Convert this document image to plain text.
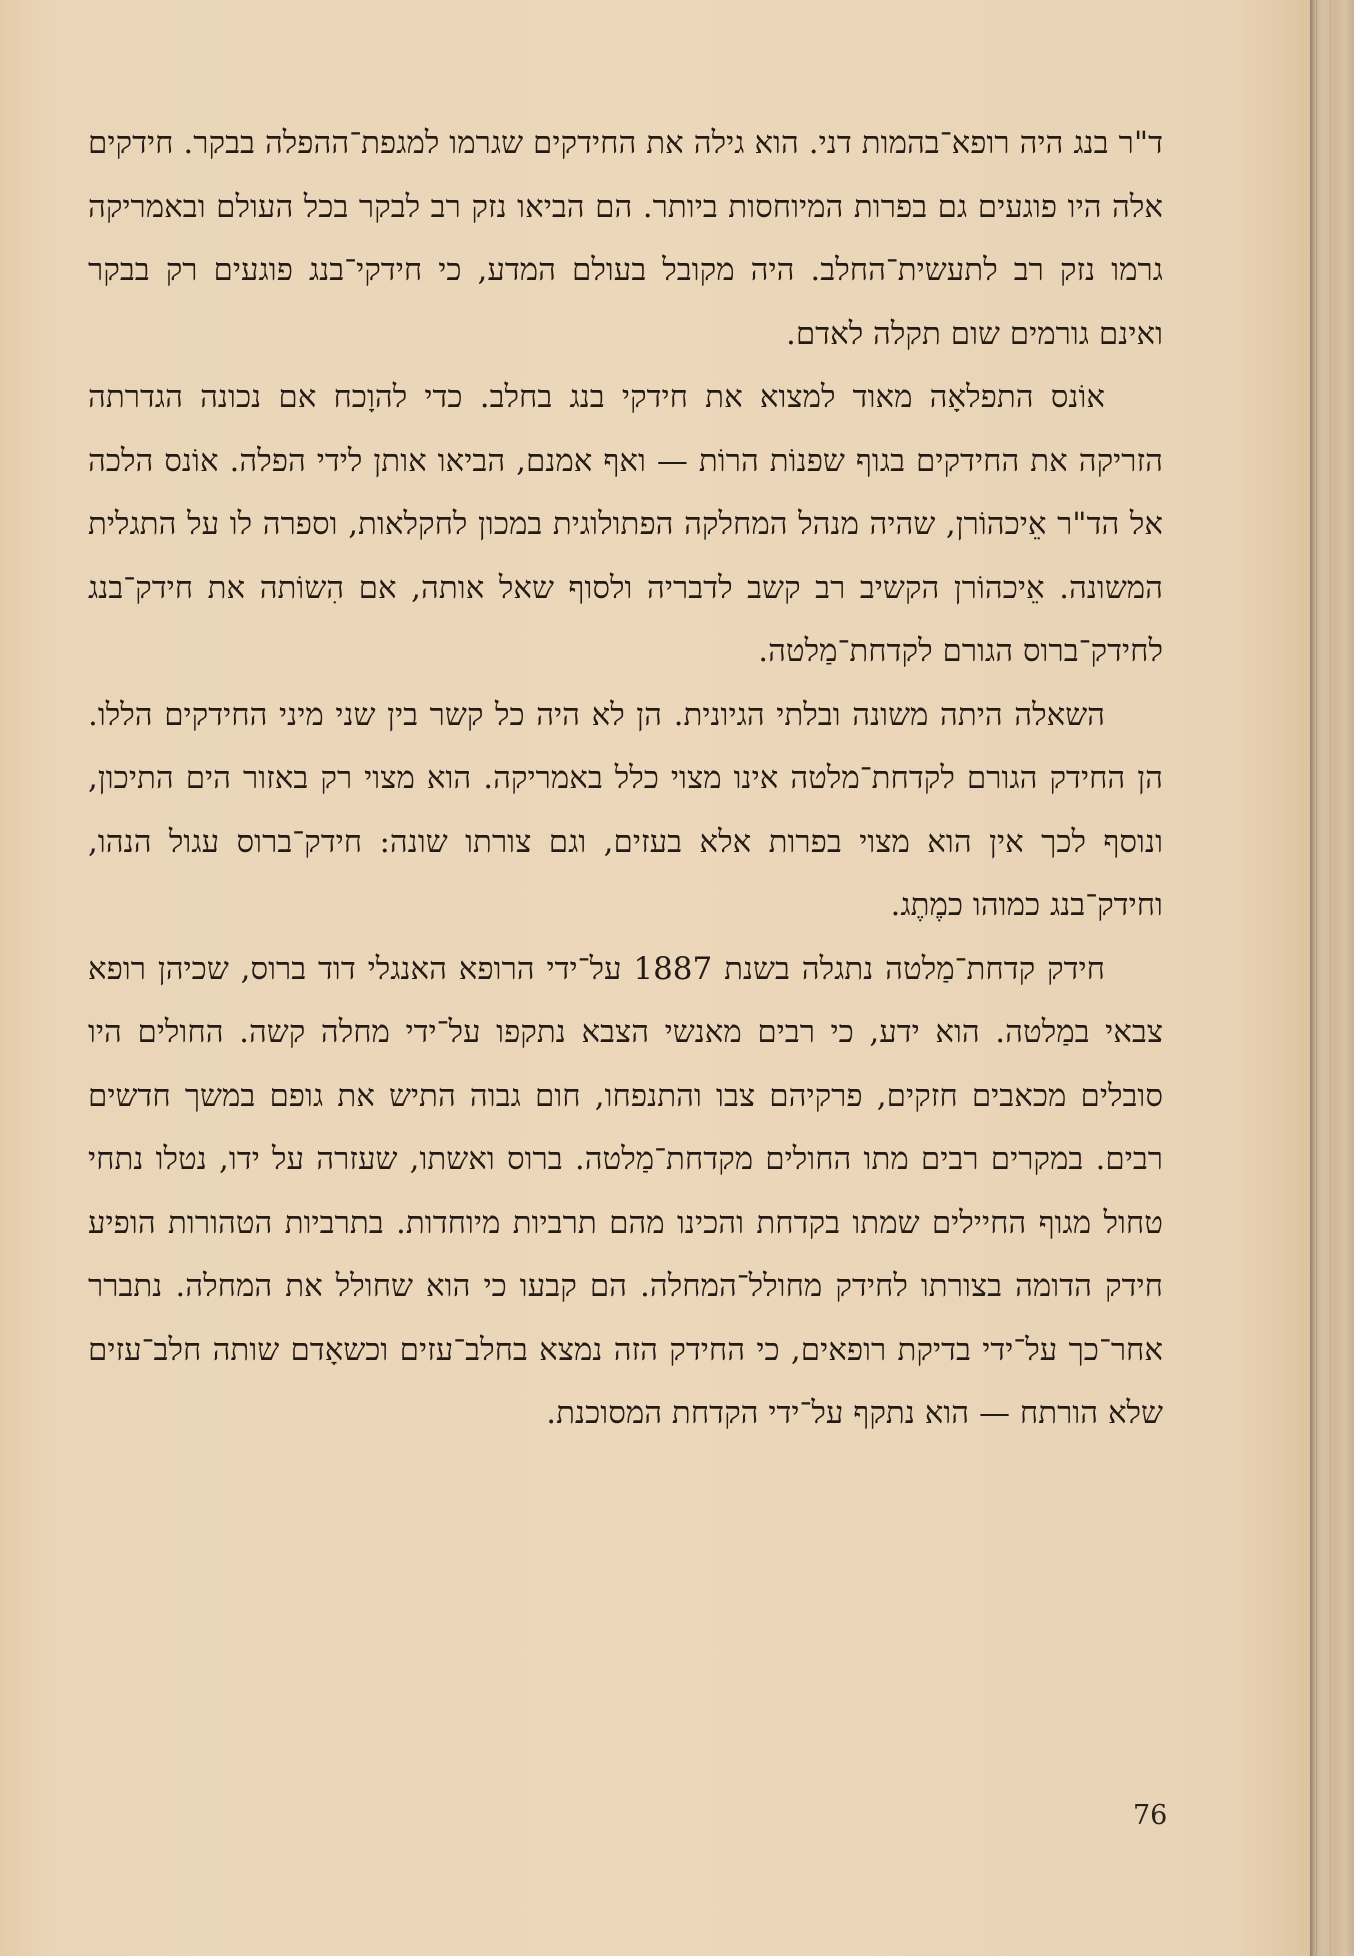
ד"ר בנג היה רופא־בהמות דני. הוא גילה את החידקים שגרמו למגפת־ההפלה בבקר. חידקים אלה היו פוגעים גם בפרות המיוחסות ביותר. הם הביאו נזק רב לבקר בכל העולם ובאמריקה גרמו נזק רב לתעשית־החלב. היה מקובל בעולם המדע, כי חידקי־בנג פוגעים רק בבקר ואינם גורמים שום תקלה לאדם.

אוֹנס התפלאָה מאוד למצוא את חידקי בנג בחלב. כדי להוָכח אם נכונה הגדרתה הזריקה את החידקים בגוף שפנוֹת הרוֹת — ואף אמנם, הביאו אותן לידי הפלה. אוֹנס הלכה אל הד"ר אֵיכהוֹרן, שהיה מנהל המחלקה הפתולוגית במכון לחקלאות, וספרה לו על התגלית המשונה. אֵיכהוֹרן הקשיב רב קשב לדבריה ולסוף שאל אותה, אם הִשוֹתה את חידק־בנג לחידק־ברוס הגורם לקדחת־מַלטה.

השאלה היתה משונה ובלתי הגיונית. הן לא היה כל קשר בין שני מיני החידקים הללו. הן החידק הגורם לקדחת־מלטה אינו מצוי כלל באמריקה. הוא מצוי רק באזור הים התיכון, ונוסף לכך אין הוא מצוי בפרות אלא בעזים, וגם צורתו שונה: חידק־ברוס עגול הנהו, וחידק־בנג כמוהו כמֶתֶג.

חידק קדחת־מַלטה נתגלה בשנת 1887 על־ידי הרופא האנגלי דוד ברוס, שכיהן רופא צבאי במַלטה. הוא ידע, כי רבים מאנשי הצבא נתקפו על־ידי מחלה קשה. החולים היו סובלים מכאבים חזקים, פרקיהם צבו והתנפחו, חום גבוה התיש את גופם במשך חדשים רבים. במקרים רבים מתו החולים מקדחת־מַלטה. ברוס ואשתו, שעזרה על ידו, נטלו נתחי טחול מגוף החיילים שמתו בקדחת והכינו מהם תרביות מיוחדות. בתרביות הטהורות הופיע חידק הדומה בצורתו לחידק מחולל־המחלה. הם קבעו כי הוא שחולל את המחלה. נתברר אחר־כך על־ידי בדיקת רופאים, כי החידק הזה נמצא בחלב־עזים וכשאָדם שותה חלב־עזים שלא הורתח — הוא נתקף על־ידי הקדחת המסוכנת.

76
